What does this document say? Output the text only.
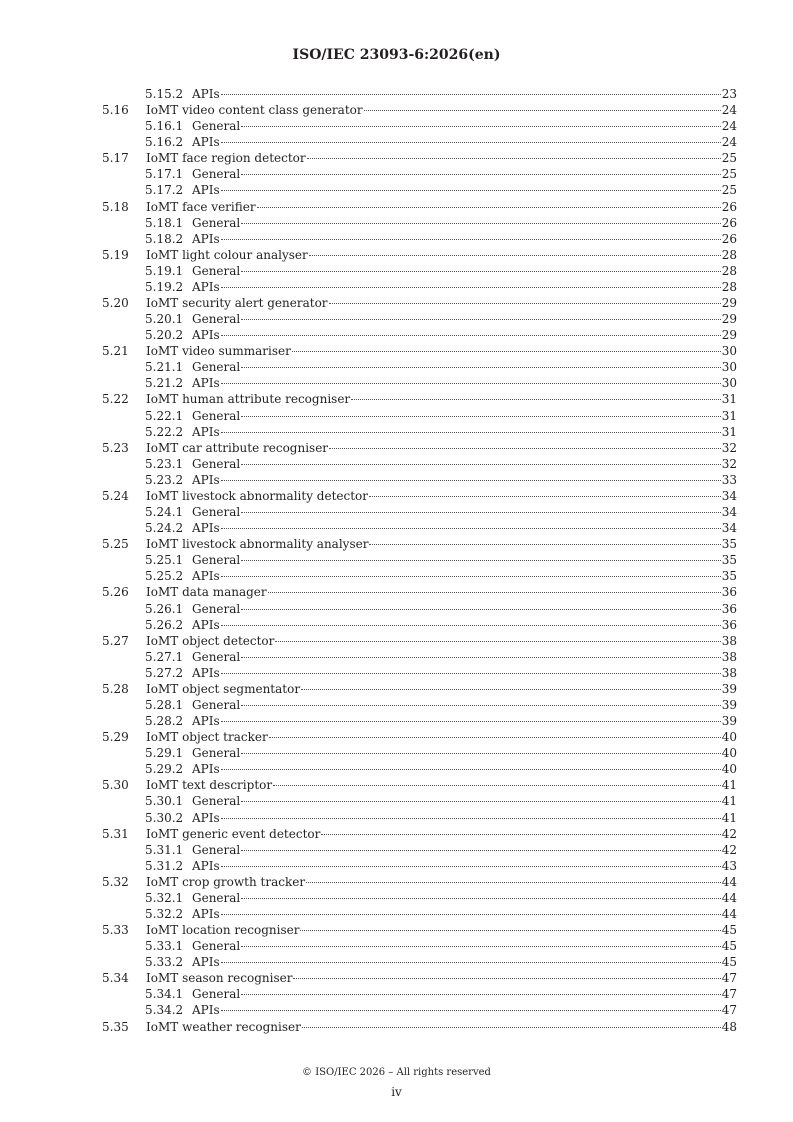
ISO/IEC 23093-6:2026(en)
5.15.2 APIs	23
5.16 IoMT video content class generator	24
5.16.1 General	24
5.16.2 APIs	24
5.17 IoMT face region detector	25
5.17.1 General	25
5.17.2 APIs	25
5.18 IoMT face verifier	26
5.18.1 General	26
5.18.2 APIs	26
5.19 IoMT light colour analyser	28
5.19.1 General	28
5.19.2 APIs	28
5.20 IoMT security alert generator	29
5.20.1 General	29
5.20.2 APIs	29
5.21 IoMT video summariser	30
5.21.1 General	30
5.21.2 APIs	30
5.22 IoMT human attribute recogniser	31
5.22.1 General	31
5.22.2 APIs	31
5.23 IoMT car attribute recogniser	32
5.23.1 General	32
5.23.2 APIs	33
5.24 IoMT livestock abnormality detector	34
5.24.1 General	34
5.24.2 APIs	34
5.25 IoMT livestock abnormality analyser	35
5.25.1 General	35
5.25.2 APIs	35
5.26 IoMT data manager	36
5.26.1 General	36
5.26.2 APIs	36
5.27 IoMT object detector	38
5.27.1 General	38
5.27.2 APIs	38
5.28 IoMT object segmentator	39
5.28.1 General	39
5.28.2 APIs	39
5.29 IoMT object tracker	40
5.29.1 General	40
5.29.2 APIs	40
5.30 IoMT text descriptor	41
5.30.1 General	41
5.30.2 APIs	41
5.31 IoMT generic event detector	42
5.31.1 General	42
5.31.2 APIs	43
5.32 IoMT crop growth tracker	44
5.32.1 General	44
5.32.2 APIs	44
5.33 IoMT location recogniser	45
5.33.1 General	45
5.33.2 APIs	45
5.34 IoMT season recogniser	47
5.34.1 General	47
5.34.2 APIs	47
5.35 IoMT weather recogniser	48
© ISO/IEC 2026 – All rights reserved
iv
